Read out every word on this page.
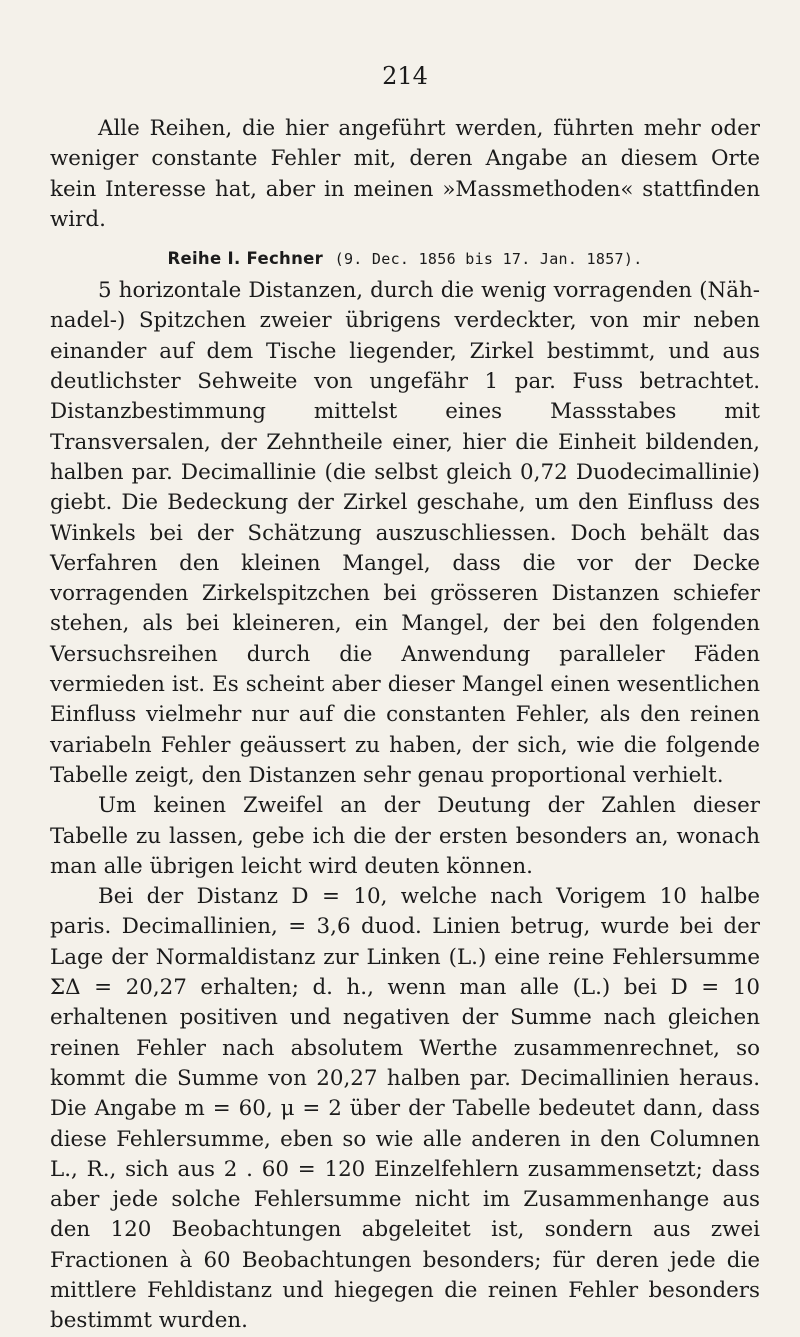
214

Alle Reihen, die hier angeführt werden, führten mehr oder weniger constante Fehler mit, deren Angabe an diesem Orte kein Interesse hat, aber in meinen »Massmethoden« stattfinden wird.

Reihe I. Fechner (9. Dec. 1856 bis 17. Jan. 1857).

5 horizontale Distanzen, durch die wenig vorragenden (Näh-nadel-) Spitzchen zweier übrigens verdeckter, von mir neben einander auf dem Tische liegender, Zirkel bestimmt, und aus deutlichster Sehweite von ungefähr 1 par. Fuss betrachtet. Distanzbestimmung mittelst eines Massstabes mit Transversalen, der Zehntheile einer, hier die Einheit bildenden, halben par. Decimallinie (die selbst gleich 0,72 Duodecimallinie) giebt. Die Bedeckung der Zirkel geschahe, um den Einfluss des Winkels bei der Schätzung auszuschliessen. Doch behält das Verfahren den kleinen Mangel, dass die vor der Decke vorragenden Zirkelspitzchen bei grösseren Distanzen schiefer stehen, als bei kleineren, ein Mangel, der bei den folgenden Versuchsreihen durch die Anwendung paralleler Fäden vermieden ist. Es scheint aber dieser Mangel einen wesentlichen Einfluss vielmehr nur auf die constanten Fehler, als den reinen variabeln Fehler geäussert zu haben, der sich, wie die folgende Tabelle zeigt, den Distanzen sehr genau proportional verhielt.

Um keinen Zweifel an der Deutung der Zahlen dieser Tabelle zu lassen, gebe ich die der ersten besonders an, wonach man alle übrigen leicht wird deuten können.

Bei der Distanz D = 10, welche nach Vorigem 10 halbe paris. Decimallinien, = 3,6 duod. Linien betrug, wurde bei der Lage der Normaldistanz zur Linken (L.) eine reine Fehlersumme ΣΔ = 20,27 erhalten; d. h., wenn man alle (L.) bei D = 10 erhaltenen positiven und negativen der Summe nach gleichen reinen Fehler nach absolutem Werthe zusammenrechnet, so kommt die Summe von 20,27 halben par. Decimallinien heraus. Die Angabe m = 60, μ = 2 über der Tabelle bedeutet dann, dass diese Fehlersumme, eben so wie alle anderen in den Columnen L., R., sich aus 2 . 60 = 120 Einzelfehlern zusammensetzt; dass aber jede solche Fehlersumme nicht im Zusammenhange aus den 120 Beobachtungen abgeleitet ist, sondern aus zwei Fractionen à 60 Beobachtungen besonders; für deren jede die mittlere Fehldistanz und hiegegen die reinen Fehler besonders bestimmt wurden.
